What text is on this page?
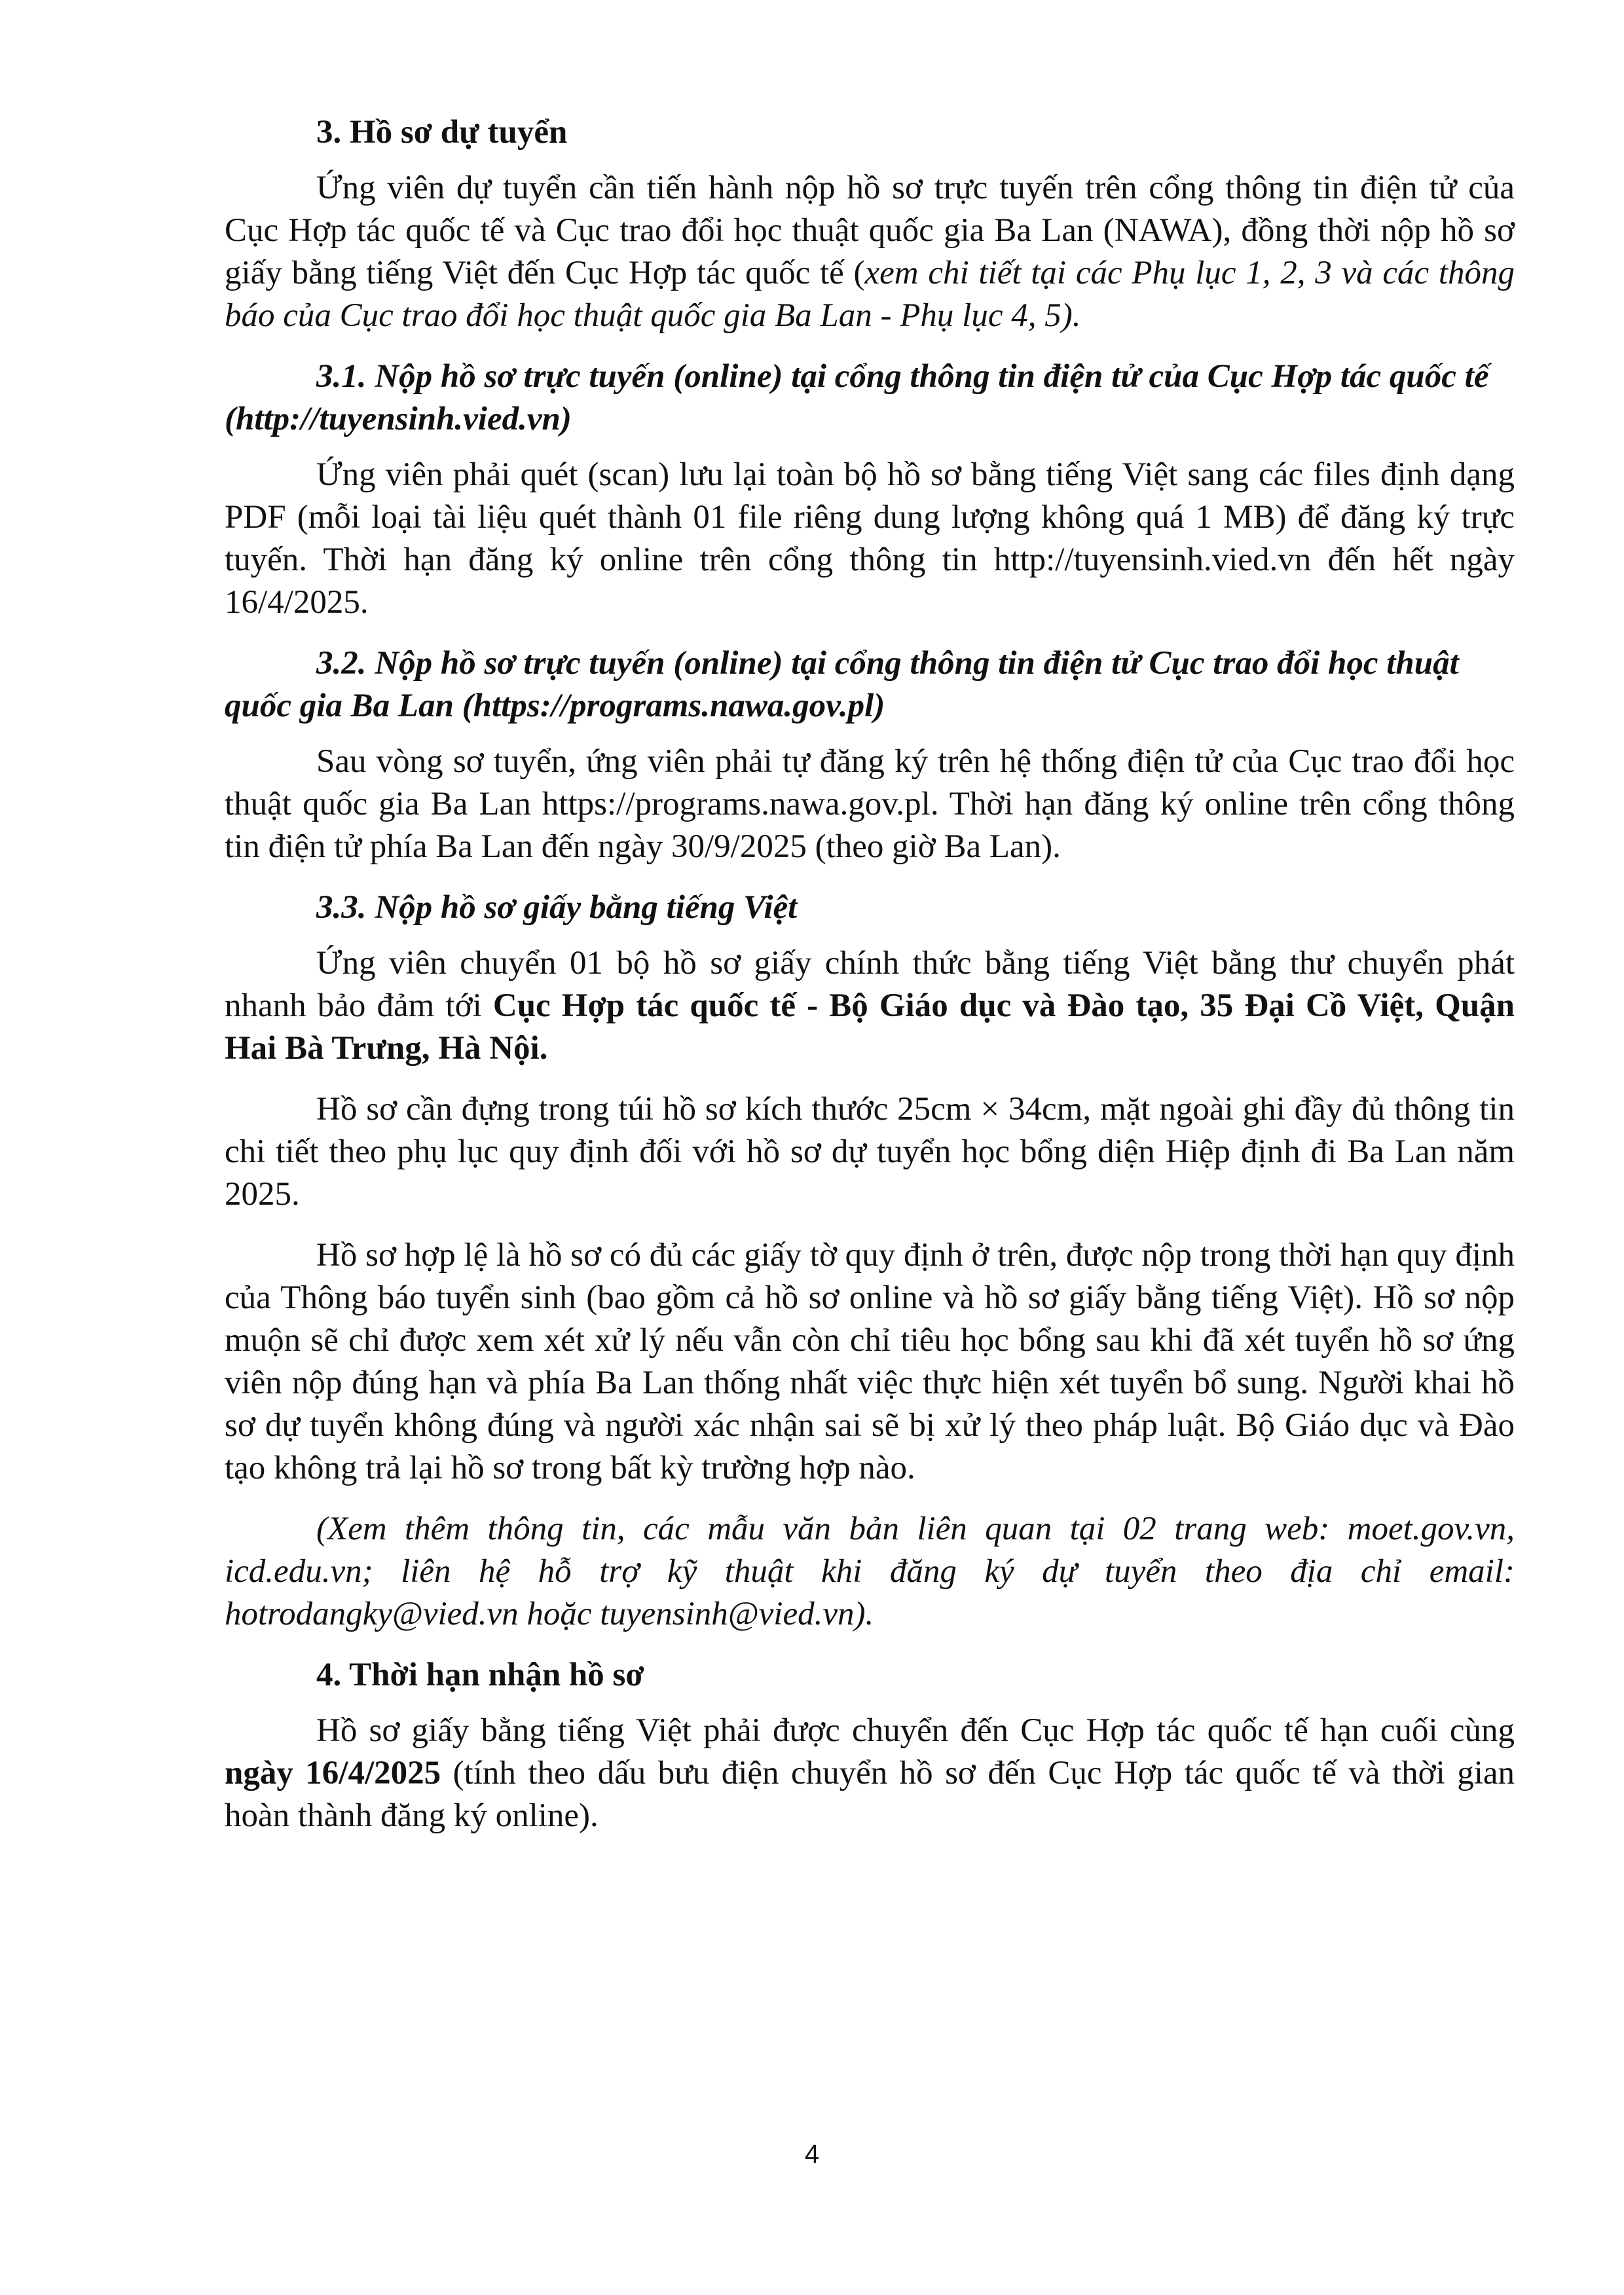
3. Hồ sơ dự tuyển

Ứng viên dự tuyển cần tiến hành nộp hồ sơ trực tuyến trên cổng thông tin điện tử của Cục Hợp tác quốc tế và Cục trao đổi học thuật quốc gia Ba Lan (NAWA), đồng thời nộp hồ sơ giấy bằng tiếng Việt đến Cục Hợp tác quốc tế (xem chi tiết tại các Phụ lục 1, 2, 3 và các thông báo của Cục trao đổi học thuật quốc gia Ba Lan - Phụ lục 4, 5).

3.1. Nộp hồ sơ trực tuyến (online) tại cổng thông tin điện tử của Cục Hợp tác quốc tế (http://tuyensinh.vied.vn)

Ứng viên phải quét (scan) lưu lại toàn bộ hồ sơ bằng tiếng Việt sang các files định dạng PDF (mỗi loại tài liệu quét thành 01 file riêng dung lượng không quá 1 MB) để đăng ký trực tuyến. Thời hạn đăng ký online trên cổng thông tin http://tuyensinh.vied.vn đến hết ngày 16/4/2025.

3.2. Nộp hồ sơ trực tuyến (online) tại cổng thông tin điện tử Cục trao đổi học thuật quốc gia Ba Lan (https://programs.nawa.gov.pl)

Sau vòng sơ tuyển, ứng viên phải tự đăng ký trên hệ thống điện tử của Cục trao đổi học thuật quốc gia Ba Lan https://programs.nawa.gov.pl. Thời hạn đăng ký online trên cổng thông tin điện tử phía Ba Lan đến ngày 30/9/2025 (theo giờ Ba Lan).

3.3. Nộp hồ sơ giấy bằng tiếng Việt

Ứng viên chuyển 01 bộ hồ sơ giấy chính thức bằng tiếng Việt bằng thư chuyển phát nhanh bảo đảm tới Cục Hợp tác quốc tế - Bộ Giáo dục và Đào tạo, 35 Đại Cồ Việt, Quận Hai Bà Trưng, Hà Nội.

Hồ sơ cần đựng trong túi hồ sơ kích thước 25cm × 34cm, mặt ngoài ghi đầy đủ thông tin chi tiết theo phụ lục quy định đối với hồ sơ dự tuyển học bổng diện Hiệp định đi Ba Lan năm 2025.

Hồ sơ hợp lệ là hồ sơ có đủ các giấy tờ quy định ở trên, được nộp trong thời hạn quy định của Thông báo tuyển sinh (bao gồm cả hồ sơ online và hồ sơ giấy bằng tiếng Việt). Hồ sơ nộp muộn sẽ chỉ được xem xét xử lý nếu vẫn còn chỉ tiêu học bổng sau khi đã xét tuyển hồ sơ ứng viên nộp đúng hạn và phía Ba Lan thống nhất việc thực hiện xét tuyển bổ sung. Người khai hồ sơ dự tuyển không đúng và người xác nhận sai sẽ bị xử lý theo pháp luật. Bộ Giáo dục và Đào tạo không trả lại hồ sơ trong bất kỳ trường hợp nào.

(Xem thêm thông tin, các mẫu văn bản liên quan tại 02 trang web: moet.gov.vn, icd.edu.vn; liên hệ hỗ trợ kỹ thuật khi đăng ký dự tuyển theo địa chỉ email: hotrodangky@vied.vn hoặc tuyensinh@vied.vn).

4. Thời hạn nhận hồ sơ

Hồ sơ giấy bằng tiếng Việt phải được chuyển đến Cục Hợp tác quốc tế hạn cuối cùng ngày 16/4/2025 (tính theo dấu bưu điện chuyển hồ sơ đến Cục Hợp tác quốc tế và thời gian hoàn thành đăng ký online).

4
